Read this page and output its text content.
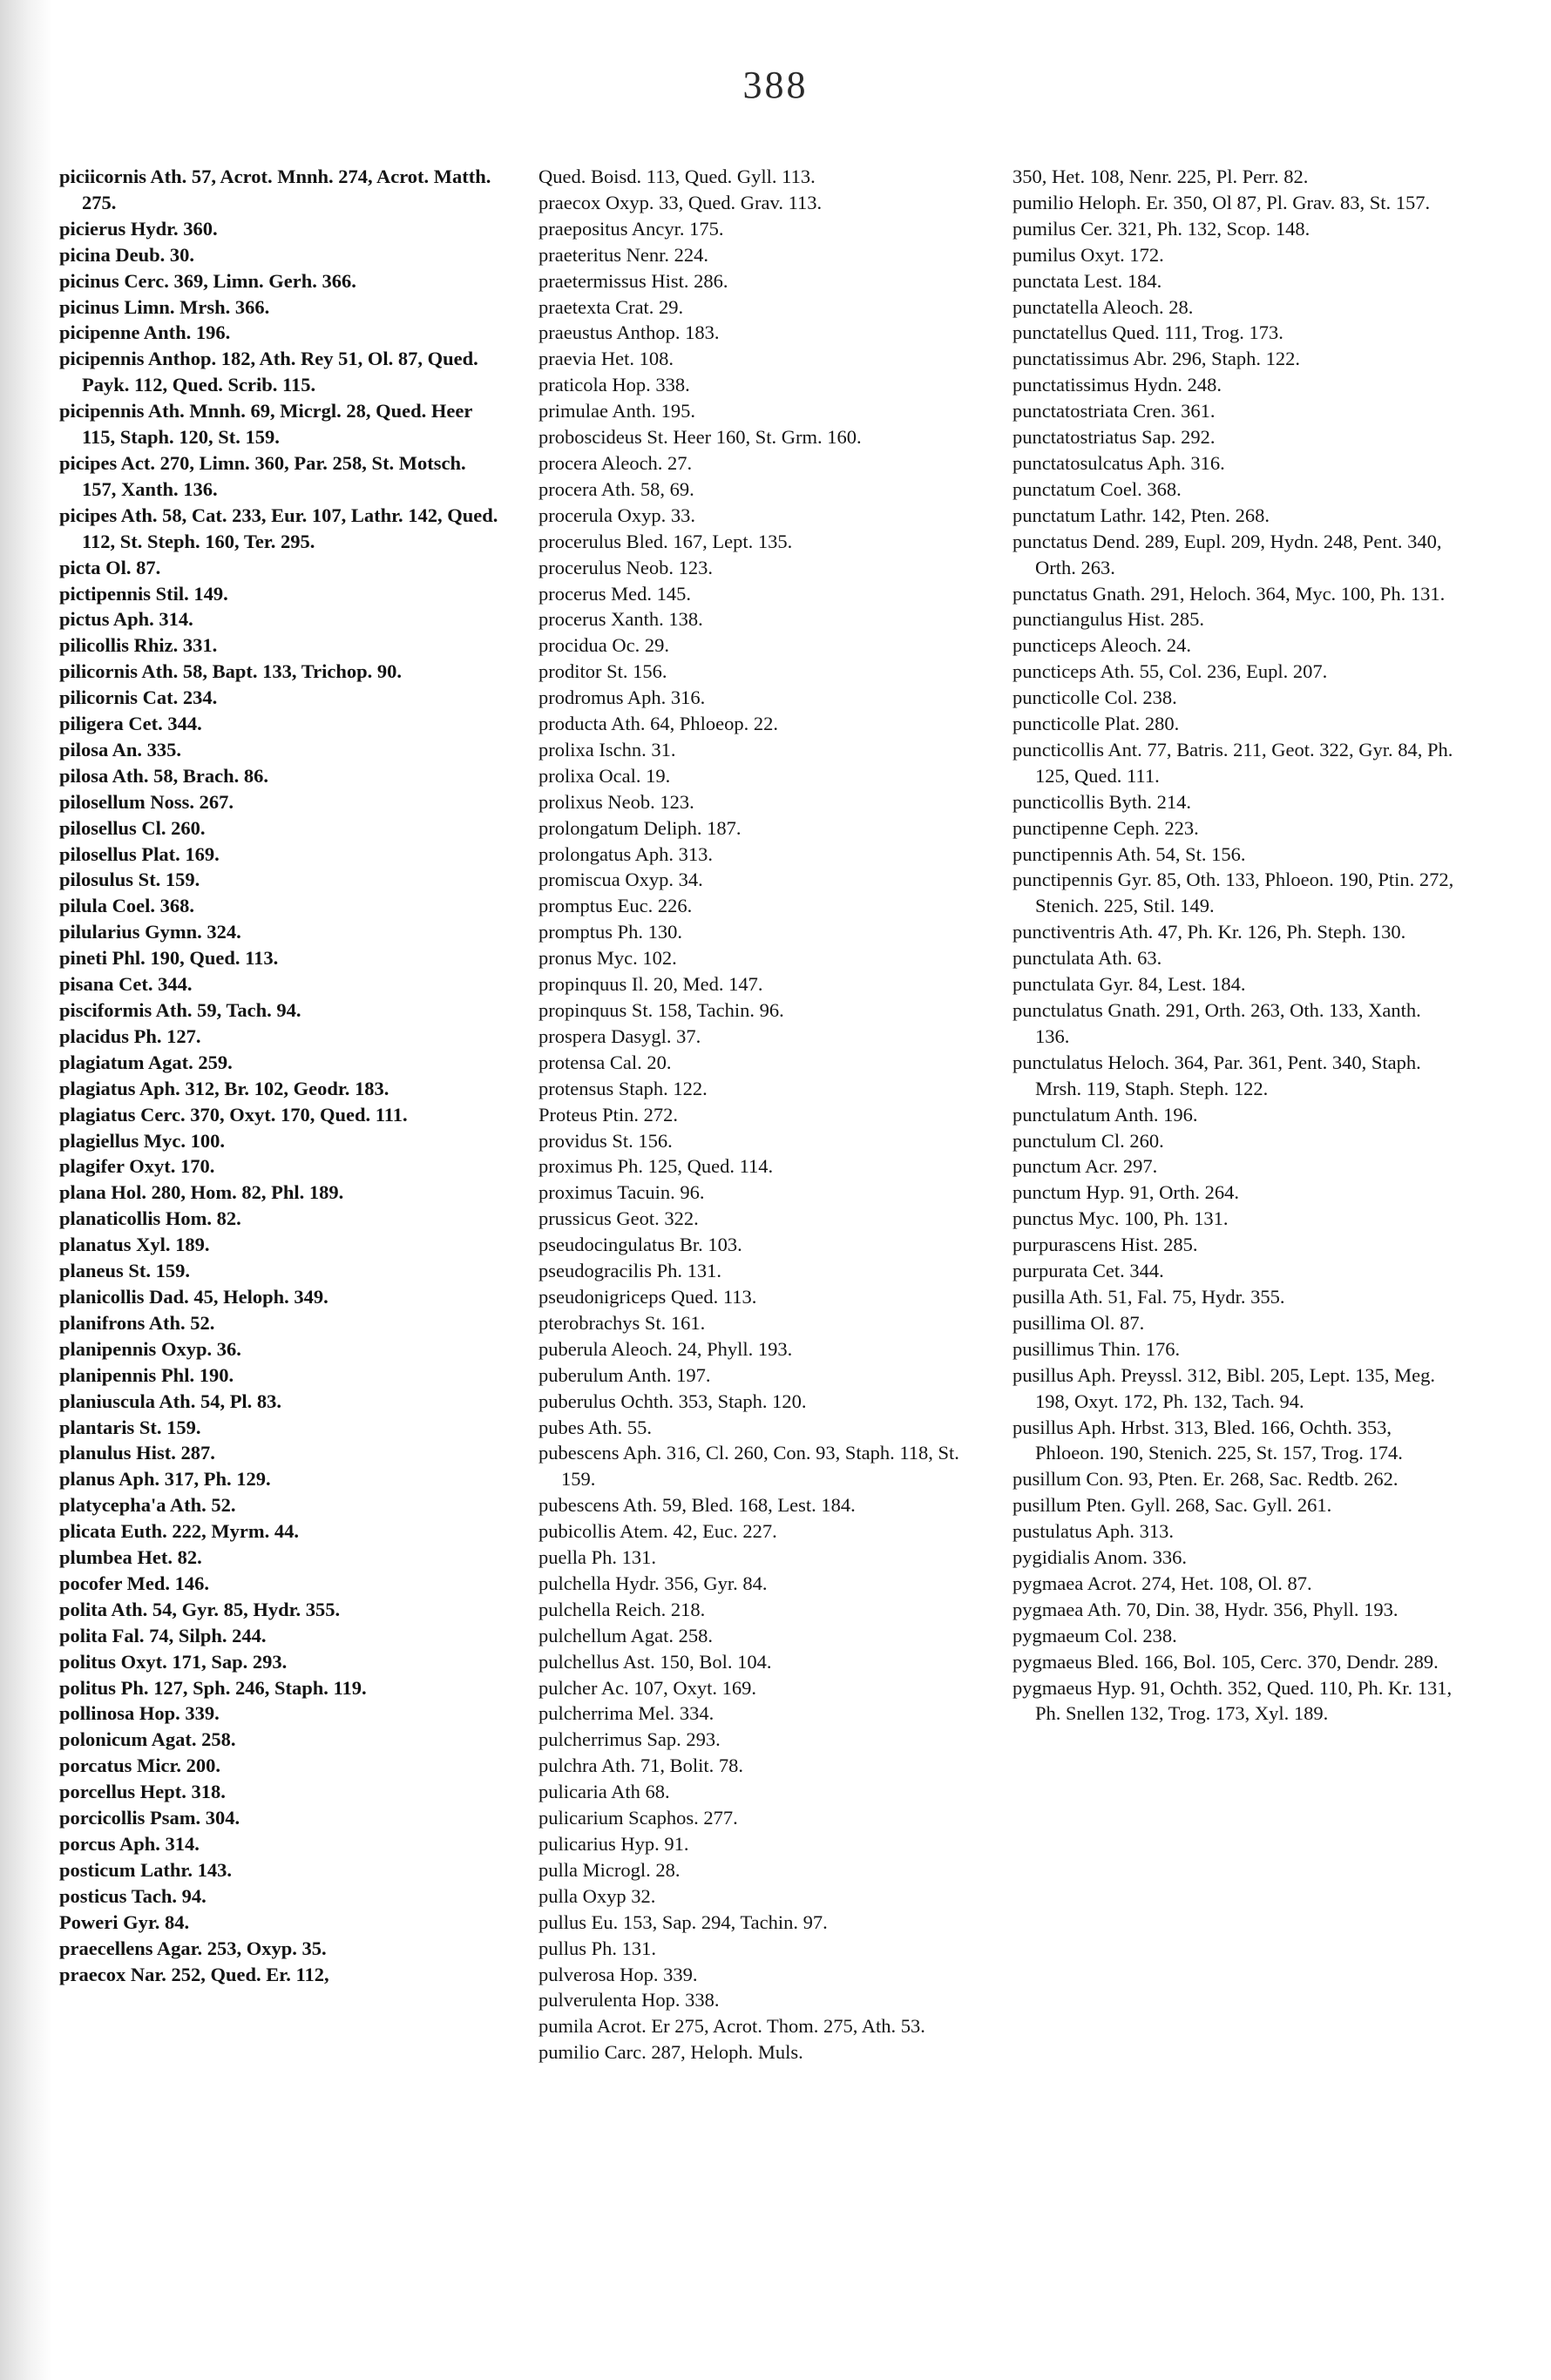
388

piciicornis Ath. 57, Acrot. Mnnh. 274, Acrot. Matth. 275.

picierus Hydr. 360.

picina Deub. 30.

picinus Cerc. 369, Limn. Gerh. 366.

picinus Limn. Mrsh. 366.

picipenne Anth. 196.

picipennis Anthop. 182, Ath. Rey 51, Ol. 87, Qued. Payk. 112, Qued. Scrib. 115.

picipennis Ath. Mnnh. 69, Micrgl. 28, Qued. Heer 115, Staph. 120, St. 159.

picipes Act. 270, Limn. 360, Par. 258, St. Motsch. 157, Xanth. 136.

picipes Ath. 58, Cat. 233, Eur. 107, Lathr. 142, Qued. 112, St. Steph. 160, Ter. 295.

picta Ol. 87.

pictipennis Stil. 149.

pictus Aph. 314.

pilicollis Rhiz. 331.

pilicornis Ath. 58, Bapt. 133, Trichop. 90.

pilicornis Cat. 234.

piligera Cet. 344.

pilosa An. 335.

pilosa Ath. 58, Brach. 86.

pilosellum Noss. 267.

pilosellus Cl. 260.

pilosellus Plat. 169.

pilosulus St. 159.

pilula Coel. 368.

pilularius Gymn. 324.

pineti Phl. 190, Qued. 113.

pisana Cet. 344.

pisciformis Ath. 59, Tach. 94.

placidus Ph. 127.

plagiatum Agat. 259.

plagiatus Aph. 312, Br. 102, Geodr. 183.

plagiatus Cerc. 370, Oxyt. 170, Qued. 111.

plagiellus Myc. 100.

plagifer Oxyt. 170.

plana Hol. 280, Hom. 82, Phl. 189.

planaticollis Hom. 82.

planatus Xyl. 189.

planeus St. 159.

planicollis Dad. 45, Heloph. 349.

planifrons Ath. 52.

planipennis Oxyp. 36.

planipennis Phl. 190.

planiuscula Ath. 54, Pl. 83.

plantaris St. 159.

planulus Hist. 287.

planus Aph. 317, Ph. 129.

platycepha'a Ath. 52.

plicata Euth. 222, Myrm. 44.

plumbea Het. 82.

pocofer Med. 146.

polita Ath. 54, Gyr. 85, Hydr. 355.

polita Fal. 74, Silph. 244.

politus Oxyt. 171, Sap. 293.

politus Ph. 127, Sph. 246, Staph. 119.

pollinosa Hop. 339.

polonicum Agat. 258.

porcatus Micr. 200.

porcellus Hept. 318.

porcicollis Psam. 304.

porcus Aph. 314.

posticum Lathr. 143.

posticus Tach. 94.

Poweri Gyr. 84.

praecellens Agar. 253, Oxyp. 35.

praecox Nar. 252, Qued. Er. 112,

Qued. Boisd. 113, Qued. Gyll. 113.

praecox Oxyp. 33, Qued. Grav. 113.

praepositus Ancyr. 175.

praeteritus Nenr. 224.

praetermissus Hist. 286.

praetexta Crat. 29.

praeustus Anthop. 183.

praevia Het. 108.

praticola Hop. 338.

primulae Anth. 195.

proboscideus St. Heer 160, St. Grm. 160.

procera Aleoch. 27.

procera Ath. 58, 69.

procerula Oxyp. 33.

procerulus Bled. 167, Lept. 135.

procerulus Neob. 123.

procerus Med. 145.

procerus Xanth. 138.

procidua Oc. 29.

proditor St. 156.

prodromus Aph. 316.

producta Ath. 64, Phloeop. 22.

prolixa Ischn. 31.

prolixa Ocal. 19.

prolixus Neob. 123.

prolongatum Deliph. 187.

prolongatus Aph. 313.

promiscua Oxyp. 34.

promptus Euc. 226.

promptus Ph. 130.

pronus Myc. 102.

propinquus Il. 20, Med. 147.

propinquus St. 158, Tachin. 96.

prospera Dasygl. 37.

protensa Cal. 20.

protensus Staph. 122.

Proteus Ptin. 272.

providus St. 156.

proximus Ph. 125, Qued. 114.

proximus Tacuin. 96.

prussicus Geot. 322.

pseudocingulatus Br. 103.

pseudogracilis Ph. 131.

pseudonigriceps Qued. 113.

pterobrachys St. 161.

puberula Aleoch. 24, Phyll. 193.

puberulum Anth. 197.

puberulus Ochth. 353, Staph. 120.

pubes Ath. 55.

pubescens Aph. 316, Cl. 260, Con. 93, Staph. 118, St. 159.

pubescens Ath. 59, Bled. 168, Lest. 184.

pubicollis Atem. 42, Euc. 227.

puella Ph. 131.

pulchella Hydr. 356, Gyr. 84.

pulchella Reich. 218.

pulchellum Agat. 258.

pulchellus Ast. 150, Bol. 104.

pulcher Ac. 107, Oxyt. 169.

pulcherrima Mel. 334.

pulcherrimus Sap. 293.

pulchra Ath. 71, Bolit. 78.

pulicaria Ath 68.

pulicarium Scaphos. 277.

pulicarius Hyp. 91.

pulla Microgl. 28.

pulla Oxyp 32.

pullus Eu. 153, Sap. 294, Tachin. 97.

pullus Ph. 131.

pulverosa Hop. 339.

pulverulenta Hop. 338.

pumila Acrot. Er 275, Acrot. Thom. 275, Ath. 53.

pumilio Carc. 287, Heloph. Muls.

350, Het. 108, Nenr. 225, Pl. Perr. 82.

pumilio Heloph. Er. 350, Ol 87, Pl. Grav. 83, St. 157.

pumilus Cer. 321, Ph. 132, Scop. 148.

pumilus Oxyt. 172.

punctata Lest. 184.

punctatella Aleoch. 28.

punctatellus Qued. 111, Trog. 173.

punctatissimus Abr. 296, Staph. 122.

punctatissimus Hydn. 248.

punctatostriata Cren. 361.

punctatostriatus Sap. 292.

punctatosulcatus Aph. 316.

punctatum Coel. 368.

punctatum Lathr. 142, Pten. 268.

punctatus Dend. 289, Eupl. 209, Hydn. 248, Pent. 340, Orth. 263.

punctatus Gnath. 291, Heloch. 364, Myc. 100, Ph. 131.

punctiangulus Hist. 285.

puncticeps Aleoch. 24.

puncticeps Ath. 55, Col. 236, Eupl. 207.

puncticolle Col. 238.

puncticolle Plat. 280.

puncticollis Ant. 77, Batris. 211, Geot. 322, Gyr. 84, Ph. 125, Qued. 111.

puncticollis Byth. 214.

punctipenne Ceph. 223.

punctipennis Ath. 54, St. 156.

punctipennis Gyr. 85, Oth. 133, Phloeon. 190, Ptin. 272, Stenich. 225, Stil. 149.

punctiventris Ath. 47, Ph. Kr. 126, Ph. Steph. 130.

punctulata Ath. 63.

punctulata Gyr. 84, Lest. 184.

punctulatus Gnath. 291, Orth. 263, Oth. 133, Xanth. 136.

punctulatus Heloch. 364, Par. 361, Pent. 340, Staph. Mrsh. 119, Staph. Steph. 122.

punctulatum Anth. 196.

punctulum Cl. 260.

punctum Acr. 297.

punctum Hyp. 91, Orth. 264.

punctus Myc. 100, Ph. 131.

purpurascens Hist. 285.

purpurata Cet. 344.

pusilla Ath. 51, Fal. 75, Hydr. 355.

pusillima Ol. 87.

pusillimus Thin. 176.

pusillus Aph. Preyssl. 312, Bibl. 205, Lept. 135, Meg. 198, Oxyt. 172, Ph. 132, Tach. 94.

pusillus Aph. Hrbst. 313, Bled. 166, Ochth. 353, Phloeon. 190, Stenich. 225, St. 157, Trog. 174.

pusillum Con. 93, Pten. Er. 268, Sac. Redtb. 262.

pusillum Pten. Gyll. 268, Sac. Gyll. 261.

pustulatus Aph. 313.

pygidialis Anom. 336.

pygmaea Acrot. 274, Het. 108, Ol. 87.

pygmaea Ath. 70, Din. 38, Hydr. 356, Phyll. 193.

pygmaeum Col. 238.

pygmaeus Bled. 166, Bol. 105, Cerc. 370, Dendr. 289.

pygmaeus Hyp. 91, Ochth. 352, Qued. 110, Ph. Kr. 131, Ph. Snellen 132, Trog. 173, Xyl. 189.
